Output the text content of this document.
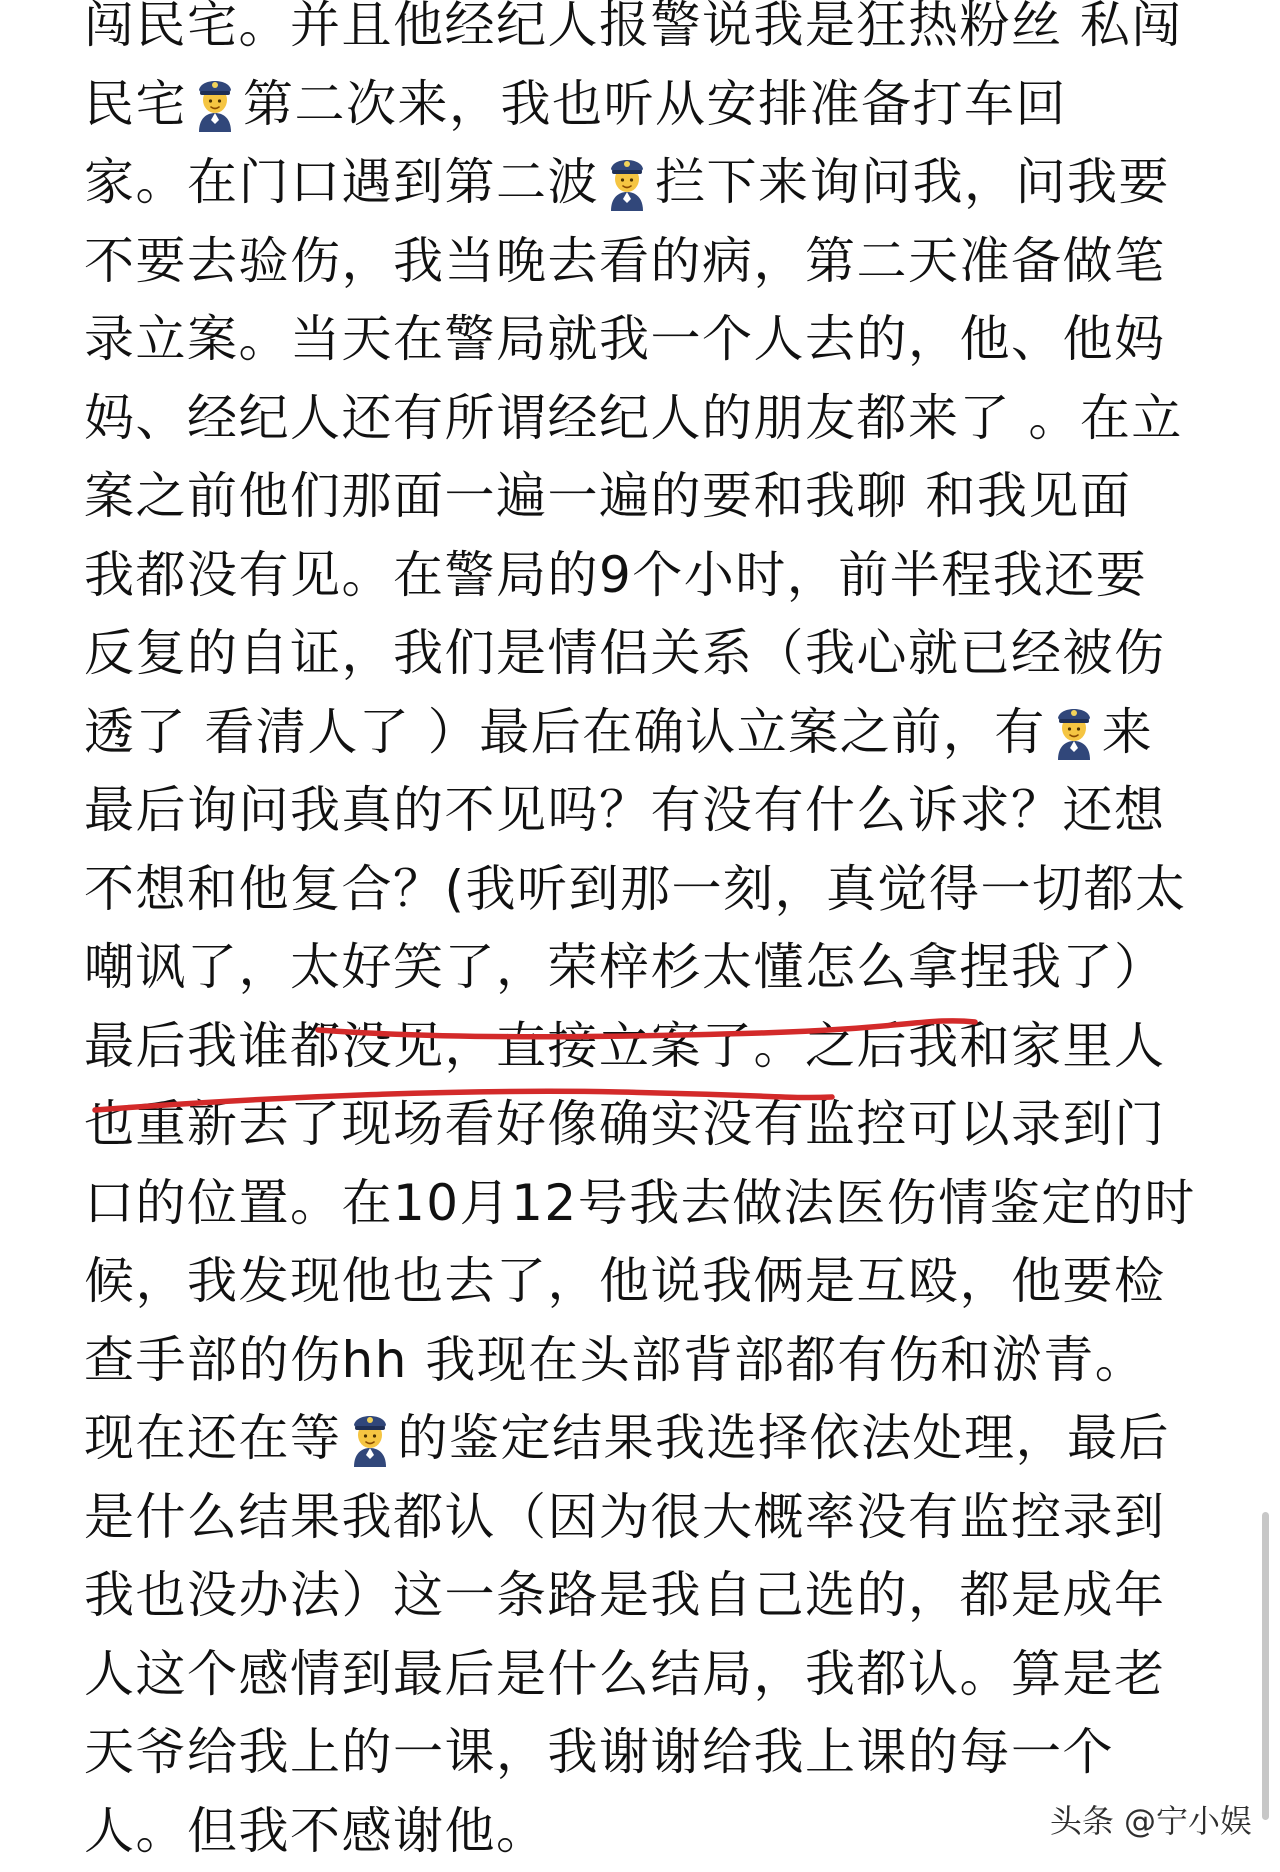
闯民宅。并且他经纪人报警说我是狂热粉丝 私闯
民宅 第二次来，我也听从安排准备打车回
家。在门口遇到第二波 拦下来询问我，问我要
不要去验伤，我当晚去看的病，第二天准备做笔
录立案。当天在警局就我一个人去的，他、他妈
妈、经纪人还有所谓经纪人的朋友都来了 。在立
案之前他们那面一遍一遍的要和我聊 和我见面
我都没有见。在警局的9个小时，前半程我还要
反复的自证，我们是情侣关系（我心就已经被伤
透了 看清人了 ）最后在确认立案之前，有 来
最后询问我真的不见吗？有没有什么诉求？还想
不想和他复合？(我听到那一刻，真觉得一切都太
嘲讽了，太好笑了，荣梓杉太懂怎么拿捏我了）
最后我谁都没见，直接立案了。之后我和家里人
也重新去了现场看好像确实没有监控可以录到门
口的位置。在10月12号我去做法医伤情鉴定的时
候，我发现他也去了，他说我俩是互殴，他要检
查手部的伤hh 我现在头部背部都有伤和淤青。
现在还在等 的鉴定结果我选择依法处理，最后
是什么结果我都认（因为很大概率没有监控录到
我也没办法）这一条路是我自己选的，都是成年
人这个感情到最后是什么结局，我都认。算是老
天爷给我上的一课，我谢谢给我上课的每一个
人。但我不感谢他。	头条 @宁小娱
